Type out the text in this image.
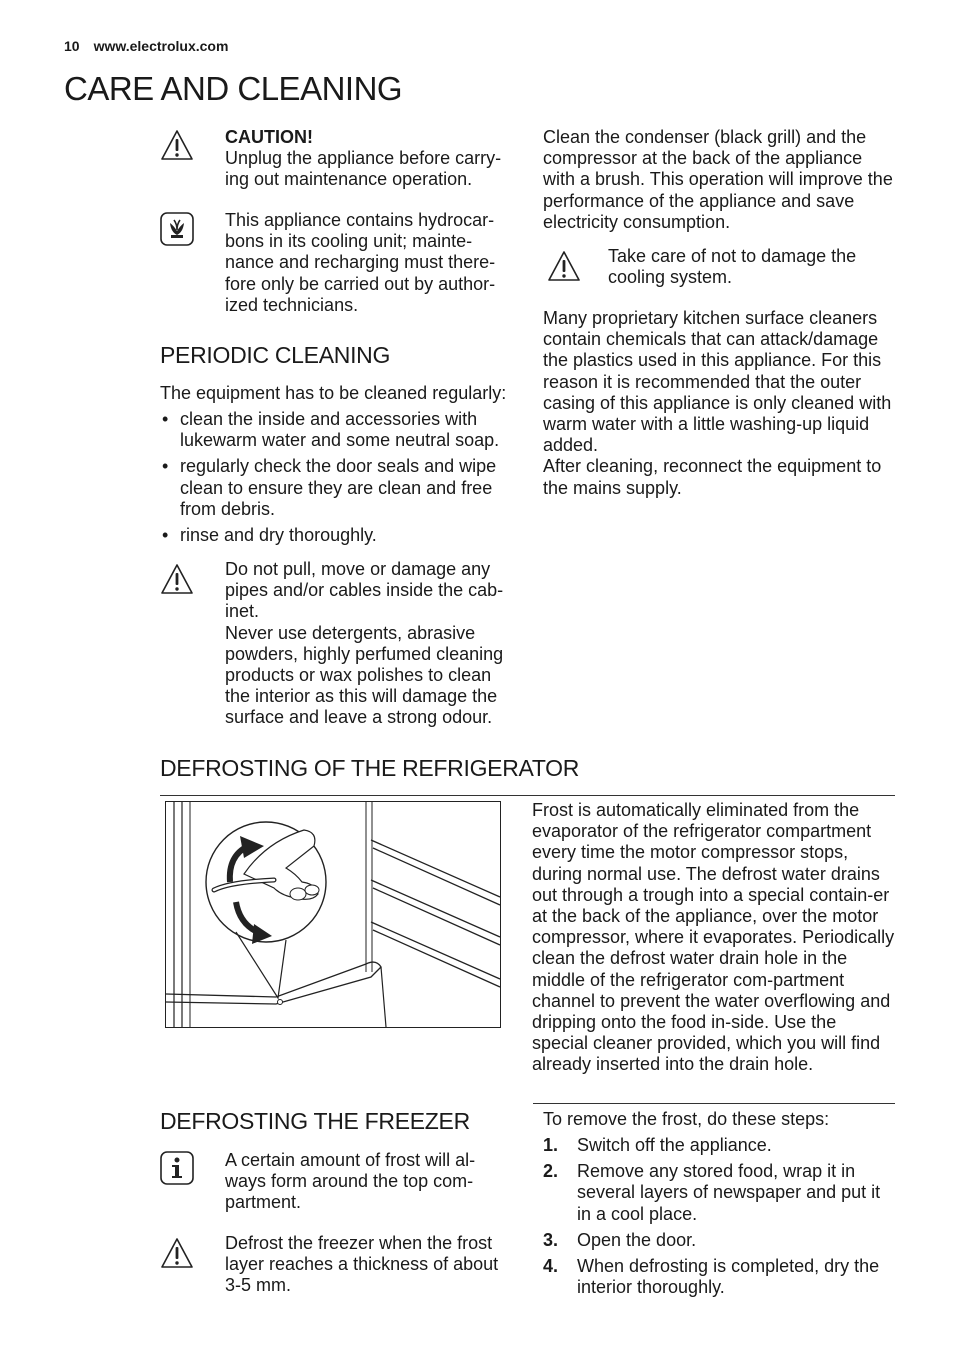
10 www.electrolux.com
CARE AND CLEANING
CAUTION!
Unplug the appliance before carry-ing out maintenance operation.
This appliance contains hydrocar-bons in its cooling unit; mainte-nance and recharging must there-fore only be carried out by author-ized technicians.
PERIODIC CLEANING
The equipment has to be cleaned regularly:
• clean the inside and accessories with lukewarm water and some neutral soap.
• regularly check the door seals and wipe clean to ensure they are clean and free from debris.
• rinse and dry thoroughly.
Do not pull, move or damage any pipes and/or cables inside the cab-inet.
Never use detergents, abrasive powders, highly perfumed cleaning products or wax polishes to clean the interior as this will damage the surface and leave a strong odour.
Clean the condenser (black grill) and the compressor at the back of the appliance with a brush. This operation will improve the performance of the appliance and save electricity consumption.
Take care of not to damage the cooling system.
Many proprietary kitchen surface cleaners contain chemicals that can attack/damage the plastics used in this appliance. For this reason it is recommended that the outer casing of this appliance is only cleaned with warm water with a little washing-up liquid added.
After cleaning, reconnect the equipment to the mains supply.
DEFROSTING OF THE REFRIGERATOR
Frost is automatically eliminated from the evaporator of the refrigerator compartment every time the motor compressor stops, during normal use. The defrost water drains out through a trough into a special contain-er at the back of the appliance, over the motor compressor, where it evaporates. Periodically clean the defrost water drain hole in the middle of the refrigerator com-partment channel to prevent the water overflowing and dripping onto the food in-side. Use the special cleaner provided, which you will find already inserted into the drain hole.
DEFROSTING THE FREEZER
A certain amount of frost will al-ways form around the top com-partment.
Defrost the freezer when the frost layer reaches a thickness of about 3-5 mm.
To remove the frost, do these steps:
1. Switch off the appliance.
2. Remove any stored food, wrap it in several layers of newspaper and put it in a cool place.
3. Open the door.
4. When defrosting is completed, dry the interior thoroughly.
